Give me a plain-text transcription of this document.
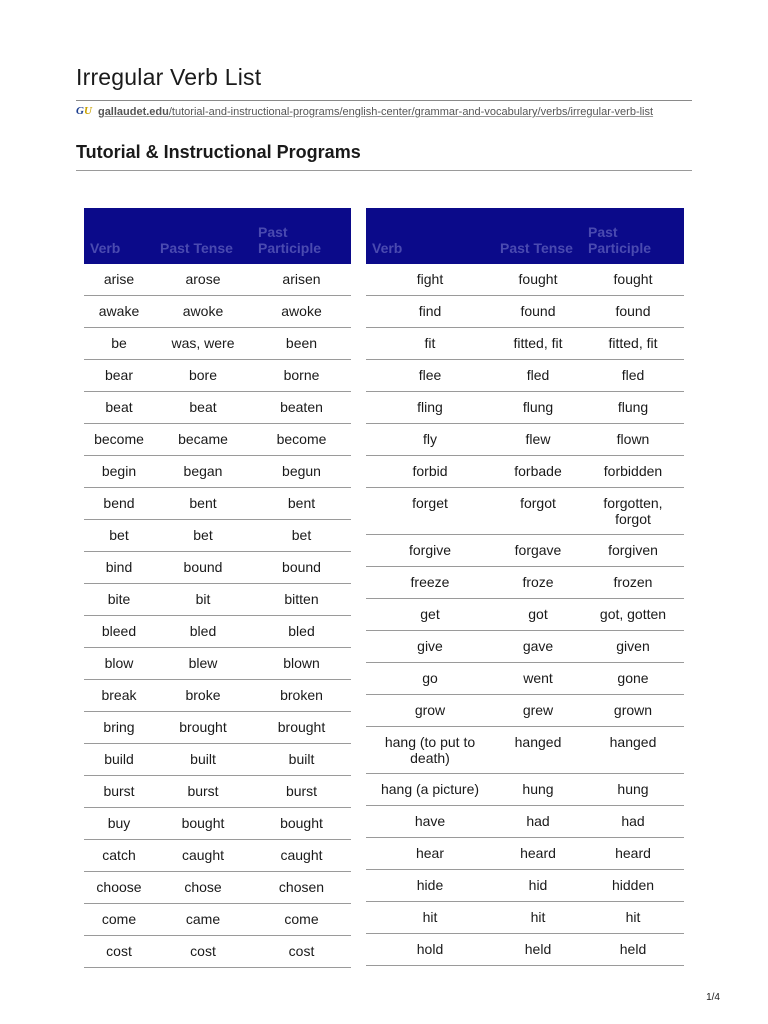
Irregular Verb List
GU gallaudet.edu/tutorial-and-instructional-programs/english-center/grammar-and-vocabulary/verbs/irregular-verb-list
Tutorial & Instructional Programs
Verb	Past Tense	Past Participle
arise	arose	arisen
awake	awoke	awoke
be	was, were	been
bear	bore	borne
beat	beat	beaten
become	became	become
begin	began	begun
bend	bent	bent
bet	bet	bet
bind	bound	bound
bite	bit	bitten
bleed	bled	bled
blow	blew	blown
break	broke	broken
bring	brought	brought
build	built	built
burst	burst	burst
buy	bought	bought
catch	caught	caught
choose	chose	chosen
come	came	come
cost	cost	cost
Verb	Past Tense	Past Participle
fight	fought	fought
find	found	found
fit	fitted, fit	fitted, fit
flee	fled	fled
fling	flung	flung
fly	flew	flown
forbid	forbade	forbidden
forget	forgot	forgotten, forgot
forgive	forgave	forgiven
freeze	froze	frozen
get	got	got, gotten
give	gave	given
go	went	gone
grow	grew	grown
hang (to put to death)	hanged	hanged
hang (a picture)	hung	hung
have	had	had
hear	heard	heard
hide	hid	hidden
hit	hit	hit
hold	held	held
1/4
